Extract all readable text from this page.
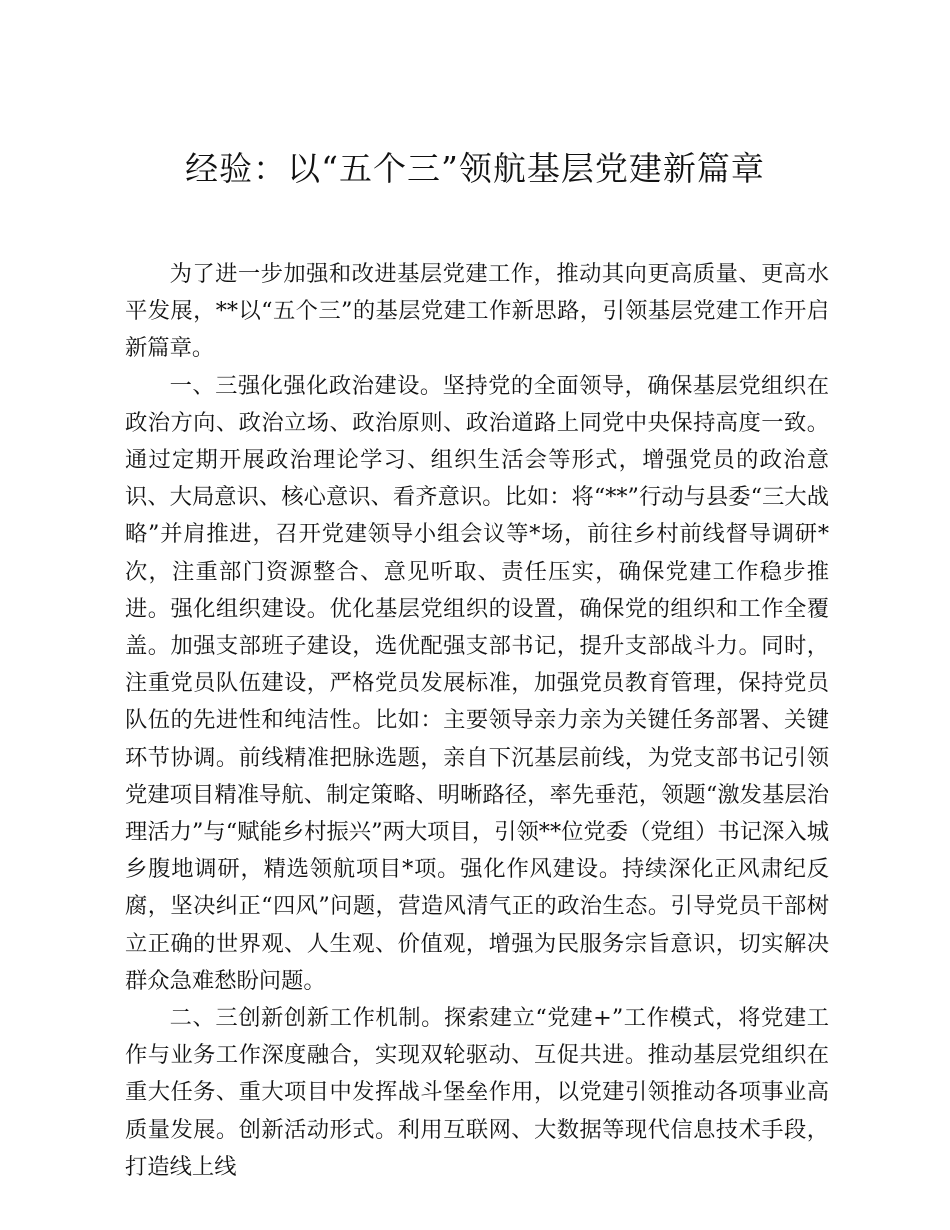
经验：以“五个三”领航基层党建新篇章

为了进一步加强和改进基层党建工作，推动其向更高质量、更高水平发展，**以“五个三”的基层党建工作新思路，引领基层党建工作开启新篇章。

一、三强化强化政治建设。坚持党的全面领导，确保基层党组织在政治方向、政治立场、政治原则、政治道路上同党中央保持高度一致。通过定期开展政治理论学习、组织生活会等形式，增强党员的政治意识、大局意识、核心意识、看齐意识。比如：将“**”行动与县委“三大战略”并肩推进，召开党建领导小组会议等*场，前往乡村前线督导调研*次，注重部门资源整合、意见听取、责任压实，确保党建工作稳步推进。强化组织建设。优化基层党组织的设置，确保党的组织和工作全覆盖。加强支部班子建设，选优配强支部书记，提升支部战斗力。同时，注重党员队伍建设，严格党员发展标准，加强党员教育管理，保持党员队伍的先进性和纯洁性。比如：主要领导亲力亲为关键任务部署、关键环节协调。前线精准把脉选题，亲自下沉基层前线，为党支部书记引领党建项目精准导航、制定策略、明晰路径，率先垂范，领题“激发基层治理活力”与“赋能乡村振兴”两大项目，引领**位党委（党组）书记深入城乡腹地调研，精选领航项目*项。强化作风建设。持续深化正风肃纪反腐，坚决纠正“四风”问题，营造风清气正的政治生态。引导党员干部树立正确的世界观、人生观、价值观，增强为民服务宗旨意识，切实解决群众急难愁盼问题。

二、三创新创新工作机制。探索建立“党建+”工作模式，将党建工作与业务工作深度融合，实现双轮驱动、互促共进。推动基层党组织在重大任务、重大项目中发挥战斗堡垒作用，以党建引领推动各项事业高质量发展。创新活动形式。利用互联网、大数据等现代信息技术手段，打造线上线
